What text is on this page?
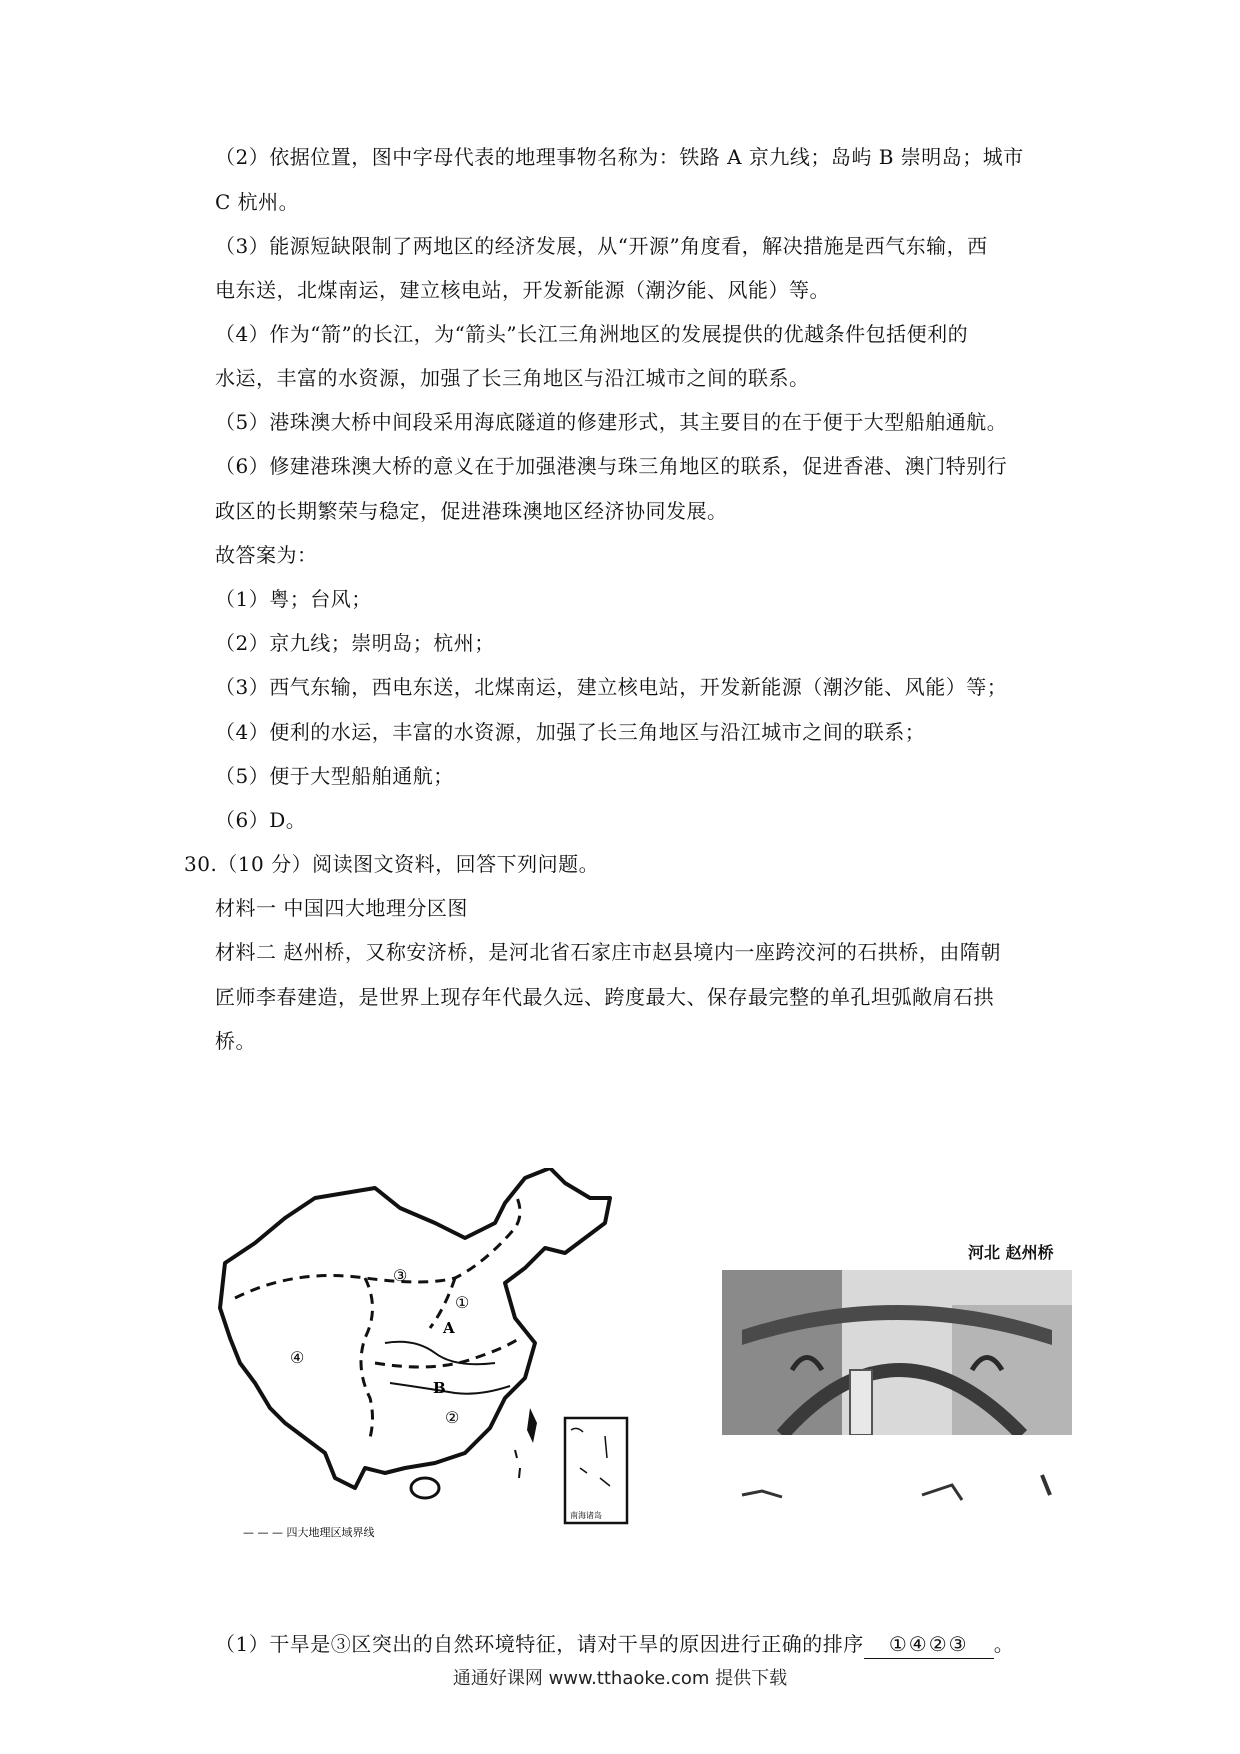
（2）依据位置，图中字母代表的地理事物名称为：铁路 A 京九线；岛屿 B 崇明岛；城市
C 杭州。
（3）能源短缺限制了两地区的经济发展，从“开源”角度看，解决措施是西气东输，西
电东送，北煤南运，建立核电站，开发新能源（潮汐能、风能）等。
（4）作为“箭”的长江，为“箭头”长江三角洲地区的发展提供的优越条件包括便利的
水运，丰富的水资源，加强了长三角地区与沿江城市之间的联系。
（5）港珠澳大桥中间段采用海底隧道的修建形式，其主要目的在于便于大型船舶通航。
（6）修建港珠澳大桥的意义在于加强港澳与珠三角地区的联系，促进香港、澳门特别行
政区的长期繁荣与稳定，促进港珠澳地区经济协同发展。
故答案为：
（1）粤；台风；
（2）京九线；崇明岛；杭州；
（3）西气东输，西电东送，北煤南运，建立核电站，开发新能源（潮汐能、风能）等；
（4）便利的水运，丰富的水资源，加强了长三角地区与沿江城市之间的联系；
（5）便于大型船舶通航；
（6）D。
30.（10 分）阅读图文资料，回答下列问题。
材料一 中国四大地理分区图
材料二 赵州桥，又称安济桥，是河北省石家庄市赵县境内一座跨洨河的石拱桥，由隋朝
匠师李春建造，是世界上现存年代最久远、跨度最大、保存最完整的单孔坦弧敞肩石拱
桥。
③
①
④
②
A
B
南海诸岛
— — — 四大地理区域界线
河北 赵州桥
（1）干旱是③区突出的自然环境特征，请对干旱的原因进行正确的排序 ①④②③ 。
通通好课网 www.tthaoke.com 提供下载
